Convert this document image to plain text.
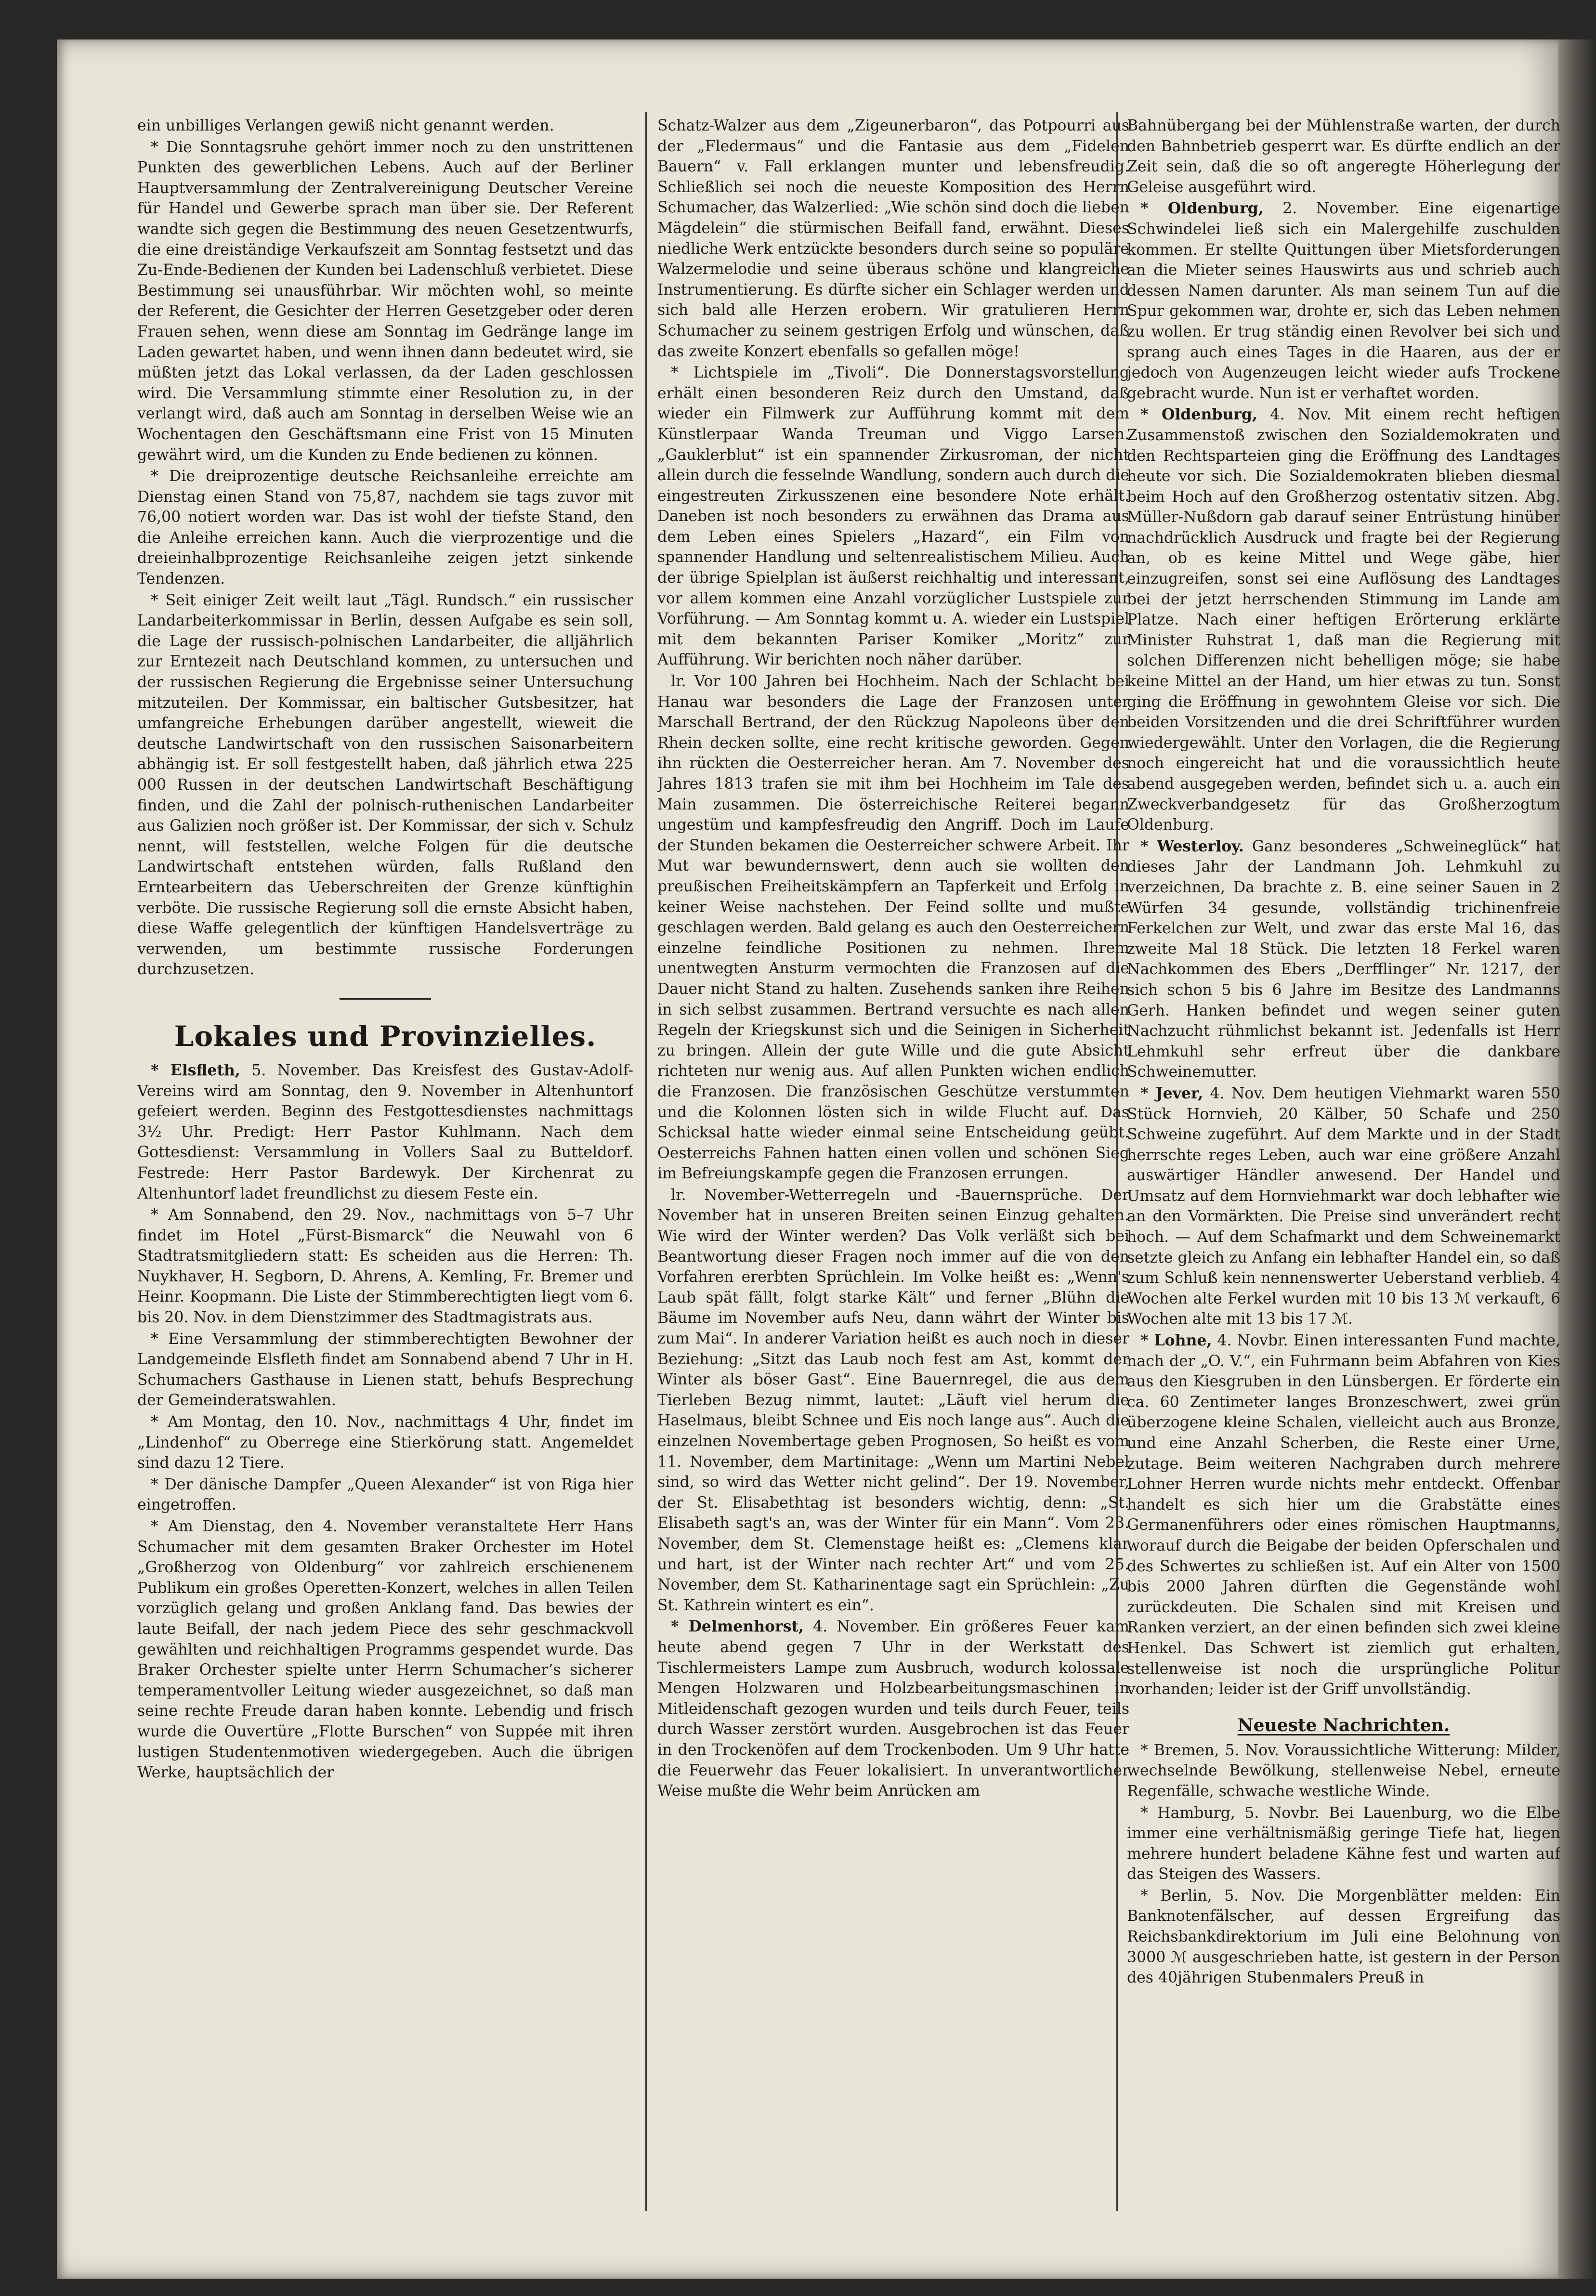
ein unbilliges Verlangen gewiß nicht genannt werden.

* Die Sonntagsruhe gehört immer noch zu den unstrittenen Punkten des gewerblichen Lebens. Auch auf der Berliner Hauptversammlung der Zentralvereinigung Deutscher Vereine für Handel und Gewerbe sprach man über sie. Der Referent wandte sich gegen die Bestimmung des neuen Gesetzentwurfs, die eine dreiständige Verkaufszeit am Sonntag festsetzt und das Zu-Ende-Bedienen der Kunden bei Ladenschluß verbietet. Diese Bestimmung sei unausführbar. Wir möchten wohl, so meinte der Referent, die Gesichter der Herren Gesetzgeber oder deren Frauen sehen, wenn diese am Sonntag im Gedränge lange im Laden gewartet haben, und wenn ihnen dann bedeutet wird, sie müßten jetzt das Lokal verlassen, da der Laden geschlossen wird. Die Versammlung stimmte einer Resolution zu, in der verlangt wird, daß auch am Sonntag in derselben Weise wie an Wochentagen den Geschäftsmann eine Frist von 15 Minuten gewährt wird, um die Kunden zu Ende bedienen zu können.

* Die dreiprozentige deutsche Reichsanleihe erreichte am Dienstag einen Stand von 75,87, nachdem sie tags zuvor mit 76,00 notiert worden war. Das ist wohl der tiefste Stand, den die Anleihe erreichen kann. Auch die vierprozentige und die dreieinhalbprozentige Reichsanleihe zeigen jetzt sinkende Tendenzen.

* Seit einiger Zeit weilt laut „Tägl. Rundsch.“ ein russischer Landarbeiterkommissar in Berlin, dessen Aufgabe es sein soll, die Lage der russisch-polnischen Landarbeiter, die alljährlich zur Erntezeit nach Deutschland kommen, zu untersuchen und der russischen Regierung die Ergebnisse seiner Untersuchung mitzuteilen. Der Kommissar, ein baltischer Gutsbesitzer, hat umfangreiche Erhebungen darüber angestellt, wieweit die deutsche Landwirtschaft von den russischen Saisonarbeitern abhängig ist. Er soll festgestellt haben, daß jährlich etwa 225 000 Russen in der deutschen Landwirtschaft Beschäftigung finden, und die Zahl der polnisch-ruthenischen Landarbeiter aus Galizien noch größer ist. Der Kommissar, der sich v. Schulz nennt, will feststellen, welche Folgen für die deutsche Landwirtschaft entstehen würden, falls Rußland den Erntearbeitern das Ueberschreiten der Grenze künftighin verböte. Die russische Regierung soll die ernste Absicht haben, diese Waffe gelegentlich der künftigen Handelsverträge zu verwenden, um bestimmte russische Forderungen durchzusetzen.

Lokales und Provinzielles.

* Elsfleth, 5. November. Das Kreisfest des Gustav-Adolf-Vereins wird am Sonntag, den 9. November in Altenhuntorf gefeiert werden. Beginn des Festgottesdienstes nachmittags 3½ Uhr. Predigt: Herr Pastor Kuhlmann. Nach dem Gottesdienst: Versammlung in Vollers Saal zu Butteldorf. Festrede: Herr Pastor Bardewyk. Der Kirchenrat zu Altenhuntorf ladet freundlichst zu diesem Feste ein.

* Am Sonnabend, den 29. Nov., nachmittags von 5–7 Uhr findet im Hotel „Fürst-Bismarck“ die Neuwahl von 6 Stadtratsmitgliedern statt: Es scheiden aus die Herren: Th. Nuykhaver, H. Segborn, D. Ahrens, A. Kemling, Fr. Bremer und Heinr. Koopmann. Die Liste der Stimmberechtigten liegt vom 6. bis 20. Nov. in dem Dienstzimmer des Stadtmagistrats aus.

* Eine Versammlung der stimmberechtigten Bewohner der Landgemeinde Elsfleth findet am Sonnabend abend 7 Uhr in H. Schumachers Gasthause in Lienen statt, behufs Besprechung der Gemeinderatswahlen.

* Am Montag, den 10. Nov., nachmittags 4 Uhr, findet im „Lindenhof“ zu Oberrege eine Stierkörung statt. Angemeldet sind dazu 12 Tiere.

* Der dänische Dampfer „Queen Alexander“ ist von Riga hier eingetroffen.

* Am Dienstag, den 4. November veranstaltete Herr Hans Schumacher mit dem gesamten Braker Orchester im Hotel „Großherzog von Oldenburg“ vor zahlreich erschienenem Publikum ein großes Operetten-Konzert, welches in allen Teilen vorzüglich gelang und großen Anklang fand. Das bewies der laute Beifall, der nach jedem Piece des sehr geschmackvoll gewählten und reichhaltigen Programms gespendet wurde. Das Braker Orchester spielte unter Herrn Schumacher’s sicherer temperamentvoller Leitung wieder ausgezeichnet, so daß man seine rechte Freude daran haben konnte. Lebendig und frisch wurde die Ouvertüre „Flotte Burschen“ von Suppée mit ihren lustigen Studentenmotiven wiedergegeben. Auch die übrigen Werke, hauptsächlich der

Schatz-Walzer aus dem „Zigeunerbaron“, das Potpourri aus der „Fledermaus“ und die Fantasie aus dem „Fidelen Bauern“ v. Fall erklangen munter und lebensfreudig. Schließlich sei noch die neueste Komposition des Herrn Schumacher, das Walzerlied: „Wie schön sind doch die lieben Mägdelein“ die stürmischen Beifall fand, erwähnt. Dieses niedliche Werk entzückte besonders durch seine so populäre Walzermelodie und seine überaus schöne und klangreiche Instrumentierung. Es dürfte sicher ein Schlager werden und sich bald alle Herzen erobern. Wir gratulieren Herrn Schumacher zu seinem gestrigen Erfolg und wünschen, daß das zweite Konzert ebenfalls so gefallen möge!

* Lichtspiele im „Tivoli“. Die Donnerstagsvorstellung erhält einen besonderen Reiz durch den Umstand, daß wieder ein Filmwerk zur Aufführung kommt mit dem Künstlerpaar Wanda Treuman und Viggo Larsen. „Gauklerblut“ ist ein spannender Zirkusroman, der nicht allein durch die fesselnde Wandlung, sondern auch durch die eingestreuten Zirkusszenen eine besondere Note erhält. Daneben ist noch besonders zu erwähnen das Drama aus dem Leben eines Spielers „Hazard“, ein Film von spannender Handlung und seltenrealistischem Milieu. Auch der übrige Spielplan ist äußerst reichhaltig und interessant, vor allem kommen eine Anzahl vorzüglicher Lustspiele zur Vorführung. — Am Sonntag kommt u. A. wieder ein Lustspiel mit dem bekannten Pariser Komiker „Moritz“ zur Aufführung. Wir berichten noch näher darüber.

lr. Vor 100 Jahren bei Hochheim. Nach der Schlacht bei Hanau war besonders die Lage der Franzosen unter Marschall Bertrand, der den Rückzug Napoleons über den Rhein decken sollte, eine recht kritische geworden. Gegen ihn rückten die Oesterreicher heran. Am 7. November des Jahres 1813 trafen sie mit ihm bei Hochheim im Tale des Main zusammen. Die österreichische Reiterei begann ungestüm und kampfesfreudig den Angriff. Doch im Laufe der Stunden bekamen die Oesterreicher schwere Arbeit. Ihr Mut war bewundernswert, denn auch sie wollten den preußischen Freiheitskämpfern an Tapferkeit und Erfolg in keiner Weise nachstehen. Der Feind sollte und mußte geschlagen werden. Bald gelang es auch den Oesterreichern einzelne feindliche Positionen zu nehmen. Ihrem unentwegten Ansturm vermochten die Franzosen auf die Dauer nicht Stand zu halten. Zusehends sanken ihre Reihen in sich selbst zusammen. Bertrand versuchte es nach allen Regeln der Kriegskunst sich und die Seinigen in Sicherheit zu bringen. Allein der gute Wille und die gute Absicht richteten nur wenig aus. Auf allen Punkten wichen endlich die Franzosen. Die französischen Geschütze verstummten und die Kolonnen lösten sich in wilde Flucht auf. Das Schicksal hatte wieder einmal seine Entscheidung geübt. Oesterreichs Fahnen hatten einen vollen und schönen Sieg im Befreiungskampfe gegen die Franzosen errungen.

lr. November-Wetterregeln und -Bauernsprüche. Der November hat in unseren Breiten seinen Einzug gehalten. Wie wird der Winter werden? Das Volk verläßt sich bei Beantwortung dieser Fragen noch immer auf die von den Vorfahren ererbten Sprüchlein. Im Volke heißt es: „Wenn's Laub spät fällt, folgt starke Kält“ und ferner „Blühn die Bäume im November aufs Neu, dann währt der Winter bis zum Mai“. In anderer Variation heißt es auch noch in dieser Beziehung: „Sitzt das Laub noch fest am Ast, kommt der Winter als böser Gast“. Eine Bauernregel, die aus dem Tierleben Bezug nimmt, lautet: „Läuft viel herum die Haselmaus, bleibt Schnee und Eis noch lange aus“. Auch die einzelnen Novembertage geben Prognosen, So heißt es vom 11. November, dem Martinitage: „Wenn um Martini Nebel sind, so wird das Wetter nicht gelind“. Der 19. November, der St. Elisabethtag ist besonders wichtig, denn: „St. Elisabeth sagt's an, was der Winter für ein Mann“. Vom 23. November, dem St. Clemenstage heißt es: „Clemens klar und hart, ist der Winter nach rechter Art“ und vom 25. November, dem St. Katharinentage sagt ein Sprüchlein: „Zu St. Kathrein wintert es ein“.

* Delmenhorst, 4. November. Ein größeres Feuer kam heute abend gegen 7 Uhr in der Werkstatt des Tischlermeisters Lampe zum Ausbruch, wodurch kolossale Mengen Holzwaren und Holzbearbeitungsmaschinen in Mitleidenschaft gezogen wurden und teils durch Feuer, teils durch Wasser zerstört wurden. Ausgebrochen ist das Feuer in den Trockenöfen auf dem Trockenboden. Um 9 Uhr hatte die Feuerwehr das Feuer lokalisiert. In unverantwortlicher Weise mußte die Wehr beim Anrücken am

Bahnübergang bei der Mühlenstraße warten, der durch den Bahnbetrieb gesperrt war. Es dürfte endlich an der Zeit sein, daß die so oft angeregte Höherlegung der Geleise ausgeführt wird.

* Oldenburg, 2. November. Eine eigenartige Schwindelei ließ sich ein Malergehilfe zuschulden kommen. Er stellte Quittungen über Mietsforderungen an die Mieter seines Hauswirts aus und schrieb auch dessen Namen darunter. Als man seinem Tun auf die Spur gekommen war, drohte er, sich das Leben nehmen zu wollen. Er trug ständig einen Revolver bei sich und sprang auch eines Tages in die Haaren, aus der er jedoch von Augenzeugen leicht wieder aufs Trockene gebracht wurde. Nun ist er verhaftet worden.

* Oldenburg, 4. Nov. Mit einem recht heftigen Zusammenstoß zwischen den Sozialdemokraten und den Rechtsparteien ging die Eröffnung des Landtages heute vor sich. Die Sozialdemokraten blieben diesmal beim Hoch auf den Großherzog ostentativ sitzen. Abg. Müller-Nußdorn gab darauf seiner Entrüstung hinüber nachdrücklich Ausdruck und fragte bei der Regierung an, ob es keine Mittel und Wege gäbe, hier einzugreifen, sonst sei eine Auflösung des Landtages bei der jetzt herrschenden Stimmung im Lande am Platze. Nach einer heftigen Erörterung erklärte Minister Ruhstrat 1, daß man die Regierung mit solchen Differenzen nicht behelligen möge; sie habe keine Mittel an der Hand, um hier etwas zu tun. Sonst ging die Eröffnung in gewohntem Gleise vor sich. Die beiden Vorsitzenden und die drei Schriftführer wurden wiedergewählt. Unter den Vorlagen, die die Regierung noch eingereicht hat und die voraussichtlich heute abend ausgegeben werden, befindet sich u. a. auch ein Zweckverbandgesetz für das Großherzogtum Oldenburg.

* Westerloy. Ganz besonderes „Schweineglück“ hat dieses Jahr der Landmann Joh. Lehmkuhl zu verzeichnen, Da brachte z. B. eine seiner Sauen in 2 Würfen 34 gesunde, vollständig trichinenfreie Ferkelchen zur Welt, und zwar das erste Mal 16, das zweite Mal 18 Stück. Die letzten 18 Ferkel waren Nachkommen des Ebers „Derfflinger“ Nr. 1217, der sich schon 5 bis 6 Jahre im Besitze des Landmanns Gerh. Hanken befindet und wegen seiner guten Nachzucht rühmlichst bekannt ist. Jedenfalls ist Herr Lehmkuhl sehr erfreut über die dankbare Schweinemutter.

* Jever, 4. Nov. Dem heutigen Viehmarkt waren 550 Stück Hornvieh, 20 Kälber, 50 Schafe und 250 Schweine zugeführt. Auf dem Markte und in der Stadt herrschte reges Leben, auch war eine größere Anzahl auswärtiger Händler anwesend. Der Handel und Umsatz auf dem Hornviehmarkt war doch lebhafter wie an den Vormärkten. Die Preise sind unverändert recht hoch. — Auf dem Schafmarkt und dem Schweinemarkt setzte gleich zu Anfang ein lebhafter Handel ein, so daß zum Schluß kein nennenswerter Ueberstand verblieb. 4 Wochen alte Ferkel wurden mit 10 bis 13 ℳ verkauft, 6 Wochen alte mit 13 bis 17 ℳ.

* Lohne, 4. Novbr. Einen interessanten Fund machte, nach der „O. V.“, ein Fuhrmann beim Abfahren von Kies aus den Kiesgruben in den Lünsbergen. Er förderte ein ca. 60 Zentimeter langes Bronzeschwert, zwei grün überzogene kleine Schalen, vielleicht auch aus Bronze, und eine Anzahl Scherben, die Reste einer Urne, zutage. Beim weiteren Nachgraben durch mehrere Lohner Herren wurde nichts mehr entdeckt. Offenbar handelt es sich hier um die Grabstätte eines Germanenführers oder eines römischen Hauptmanns, worauf durch die Beigabe der beiden Opferschalen und des Schwertes zu schließen ist. Auf ein Alter von 1500 bis 2000 Jahren dürften die Gegenstände wohl zurückdeuten. Die Schalen sind mit Kreisen und Ranken verziert, an der einen befinden sich zwei kleine Henkel. Das Schwert ist ziemlich gut erhalten, stellenweise ist noch die ursprüngliche Politur vorhanden; leider ist der Griff unvollständig.

Neueste Nachrichten.

* Bremen, 5. Nov. Voraussichtliche Witterung: Milder, wechselnde Bewölkung, stellenweise Nebel, erneute Regenfälle, schwache westliche Winde.

* Hamburg, 5. Novbr. Bei Lauenburg, wo die Elbe immer eine verhältnismäßig geringe Tiefe hat, liegen mehrere hundert beladene Kähne fest und warten auf das Steigen des Wassers.

* Berlin, 5. Nov. Die Morgenblätter melden: Ein Banknotenfälscher, auf dessen Ergreifung das Reichsbankdirektorium im Juli eine Belohnung von 3000 ℳ ausgeschrieben hatte, ist gestern in der Person des 40jährigen Stubenmalers Preuß in
